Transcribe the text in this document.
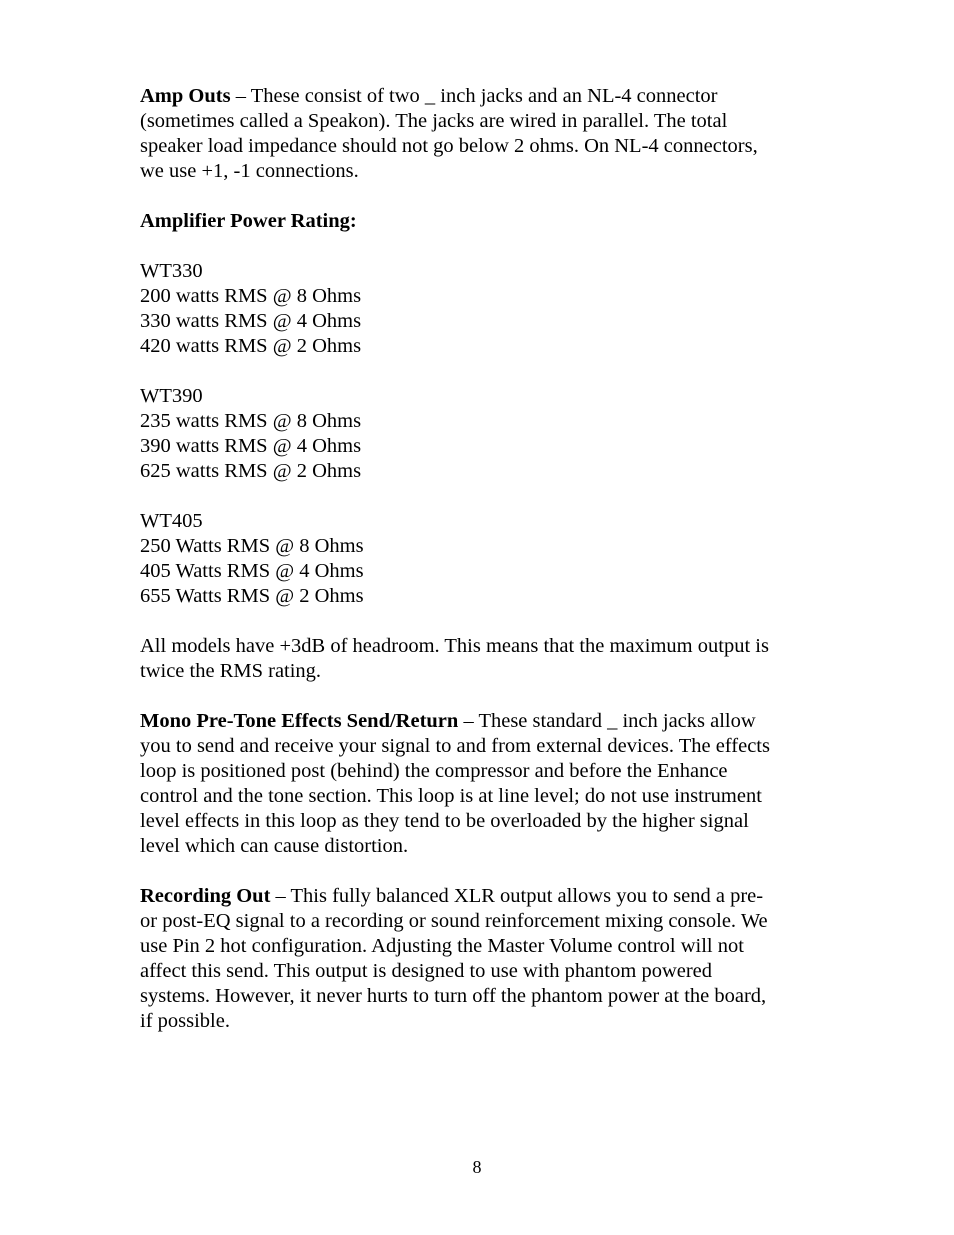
Amp Outs – These consist of two _ inch jacks and an NL-4 connector
(sometimes called a Speakon). The jacks are wired in parallel. The total
speaker load impedance should not go below 2 ohms. On NL-4 connectors,
we use +1, -1 connections.
Amplifier Power Rating:
WT330
200 watts RMS @ 8 Ohms
330 watts RMS @ 4 Ohms
420 watts RMS @ 2 Ohms
WT390
235 watts RMS @ 8 Ohms
390 watts RMS @ 4 Ohms
625 watts RMS @ 2 Ohms
WT405
250 Watts RMS @ 8 Ohms
405 Watts RMS @ 4 Ohms
655 Watts RMS @ 2 Ohms
All models have +3dB of headroom. This means that the maximum output is
twice the RMS rating.
Mono Pre-Tone Effects Send/Return – These standard _ inch jacks allow
you to send and receive your signal to and from external devices. The effects
loop is positioned post (behind) the compressor and before the Enhance
control and the tone section. This loop is at line level; do not use instrument
level effects in this loop as they tend to be overloaded by the higher signal
level which can cause distortion.
Recording Out – This fully balanced XLR output allows you to send a pre-
or post-EQ signal to a recording or sound reinforcement mixing console. We
use Pin 2 hot configuration. Adjusting the Master Volume control will not
affect this send. This output is designed to use with phantom powered
systems. However, it never hurts to turn off the phantom power at the board,
if possible.
8
